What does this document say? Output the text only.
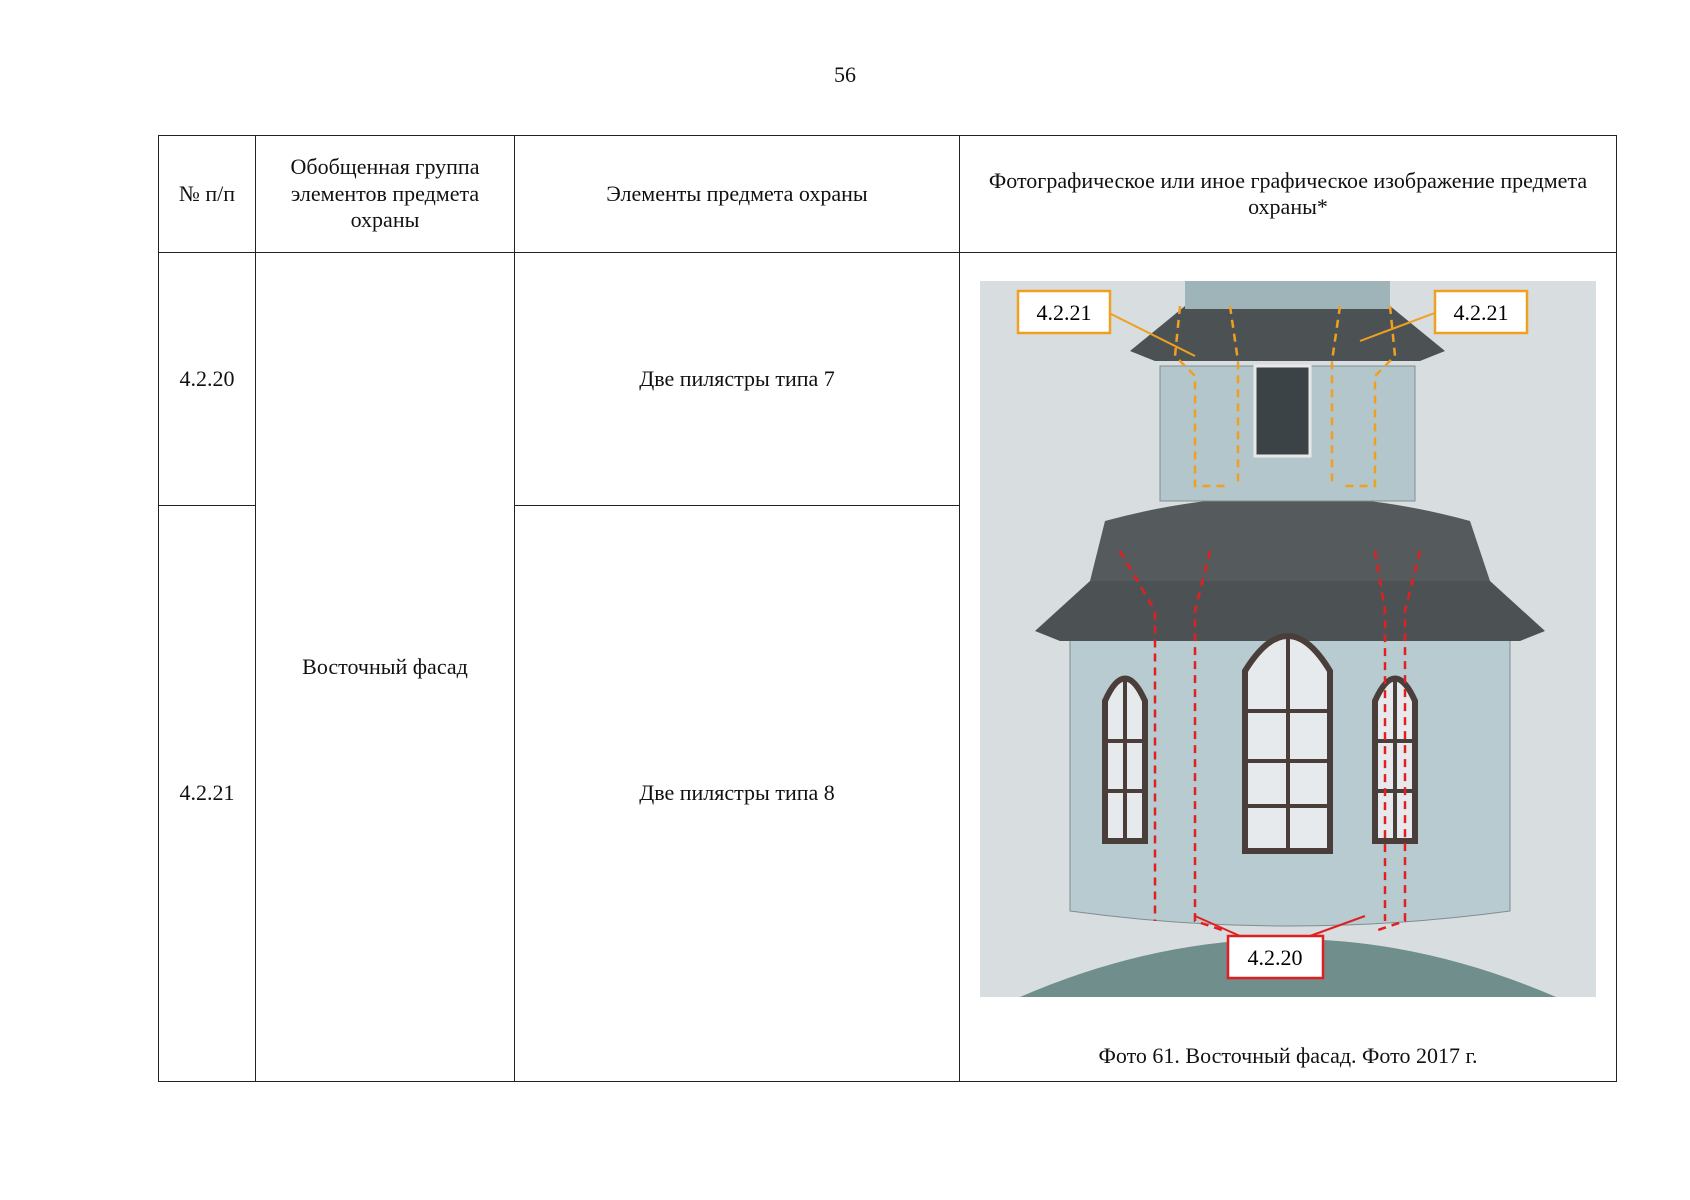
56
№ п/п	Обобщенная группа элементов предмета охраны	Элементы предмета охраны	Фотографическое или иное графическое изображение предмета охраны*
4.2.20	Восточный фасад	Две пилястры типа 7	4.2.21 4.2.21
4.2.20
Фото 61. Восточный фасад. Фото 2017 г.

4.2.21		Две пилястры типа 8	
